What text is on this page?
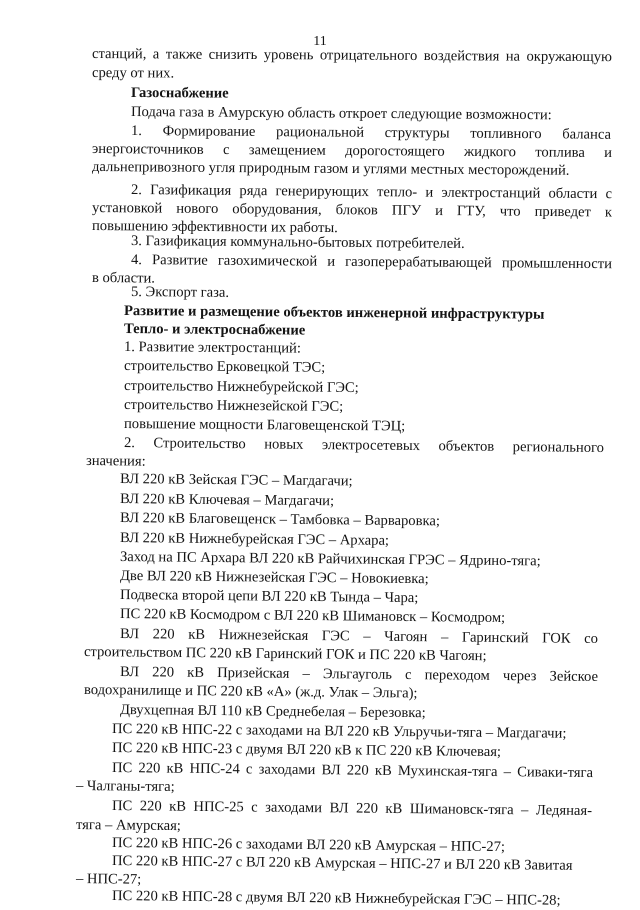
11
станций, а также снизить уровень отрицательного воздействия на окружающую
среду от них.
Газоснабжение
Подача газа в Амурскую область откроет следующие возможности:
1. Формирование рациональной структуры топливного баланса
энергоисточников с замещением дорогостоящего жидкого топлива и
дальнепривозного угля природным газом и углями местных месторождений.
2. Газификация ряда генерирующих тепло- и электростанций области с
установкой нового оборудования, блоков ПГУ и ГТУ, что приведет к
повышению эффективности их работы.
3. Газификация коммунально-бытовых потребителей.
4. Развитие газохимической и газоперерабатывающей промышленности
в области.
5. Экспорт газа.
Развитие и размещение объектов инженерной инфраструктуры
Тепло- и электроснабжение
1. Развитие электростанций:
строительство Ерковецкой ТЭС;
строительство Нижнебурейской ГЭС;
строительство Нижнезейской ГЭС;
повышение мощности Благовещенской ТЭЦ;
2. Строительство новых электросетевых объектов регионального
значения:
ВЛ 220 кВ Зейская ГЭС – Магдагачи;
ВЛ 220 кВ Ключевая – Магдагачи;
ВЛ 220 кВ Благовещенск – Тамбовка – Варваровка;
ВЛ 220 кВ Нижнебурейская ГЭС – Архара;
Заход на ПС Архара ВЛ 220 кВ Райчихинская ГРЭС – Ядрино-тяга;
Две ВЛ 220 кВ Нижнезейская ГЭС – Новокиевка;
Подвеска второй цепи ВЛ 220 кВ Тында – Чара;
ПС 220 кВ Космодром с ВЛ 220 кВ Шимановск – Космодром;
ВЛ 220 кВ Нижнезейская ГЭС – Чагоян – Гаринский ГОК со
строительством ПС 220 кВ Гаринский ГОК и ПС 220 кВ Чагоян;
ВЛ 220 кВ Призейская – Эльгауголь с переходом через Зейское
водохранилище и ПС 220 кВ «А» (ж.д. Улак – Эльга);
Двухцепная ВЛ 110 кВ Среднебелая – Березовка;
ПС 220 кВ НПС-22 с заходами на ВЛ 220 кВ Ульручьи-тяга – Магдагачи;
ПС 220 кВ НПС-23 с двумя ВЛ 220 кВ к ПС 220 кВ Ключевая;
ПС 220 кВ НПС-24 с заходами ВЛ 220 кВ Мухинская-тяга – Сиваки-тяга
– Чалганы-тяга;
ПС 220 кВ НПС-25 с заходами ВЛ 220 кВ Шимановск-тяга – Ледяная-
тяга – Амурская;
ПС 220 кВ НПС-26 с заходами ВЛ 220 кВ Амурская – НПС-27;
ПС 220 кВ НПС-27 с ВЛ 220 кВ Амурская – НПС-27 и ВЛ 220 кВ Завитая
– НПС-27;
ПС 220 кВ НПС-28 с двумя ВЛ 220 кВ Нижнебурейская ГЭС – НПС-28;
